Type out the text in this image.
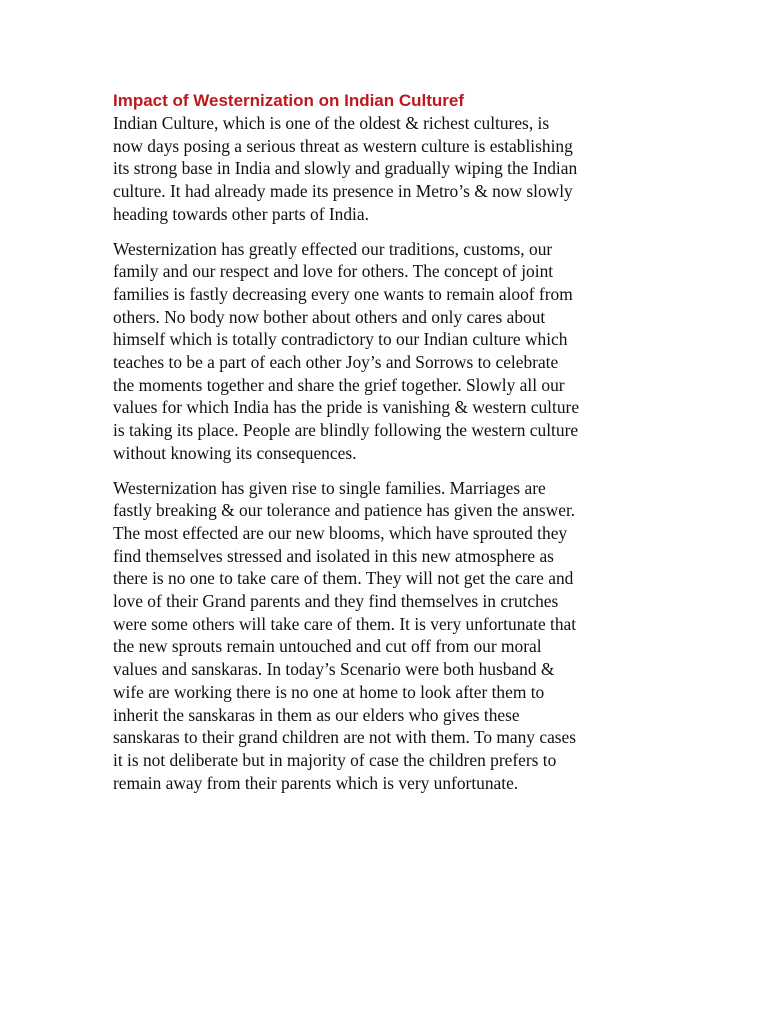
Impact of Westernization on Indian Culturef

Indian Culture, which is one of the oldest & richest cultures, is
now days posing a serious threat as western culture is establishing
its strong base in India and slowly and gradually wiping the Indian
culture. It had already made its presence in Metro’s & now slowly
heading towards other parts of India.

Westernization has greatly effected our traditions, customs, our
family and our respect and love for others. The concept of joint
families is fastly decreasing every one wants to remain aloof from
others. No body now bother about others and only cares about
himself which is totally contradictory to our Indian culture which
teaches to be a part of each other Joy’s and Sorrows to celebrate
the moments together and share the grief together. Slowly all our
values for which India has the pride is vanishing & western culture
is taking its place. People are blindly following the western culture
without knowing its consequences.

Westernization has given rise to single families. Marriages are
fastly breaking & our tolerance and patience has given the answer.
The most effected are our new blooms, which have sprouted they
find themselves stressed and isolated in this new atmosphere as
there is no one to take care of them. They will not get the care and
love of their Grand parents and they find themselves in crutches
were some others will take care of them. It is very unfortunate that
the new sprouts remain untouched and cut off from our moral
values and sanskaras. In today’s Scenario were both husband &
wife are working there is no one at home to look after them to
inherit the sanskaras in them as our elders who gives these
sanskaras to their grand children are not with them. To many cases
it is not deliberate but in majority of case the children prefers to
remain away from their parents which is very unfortunate.
